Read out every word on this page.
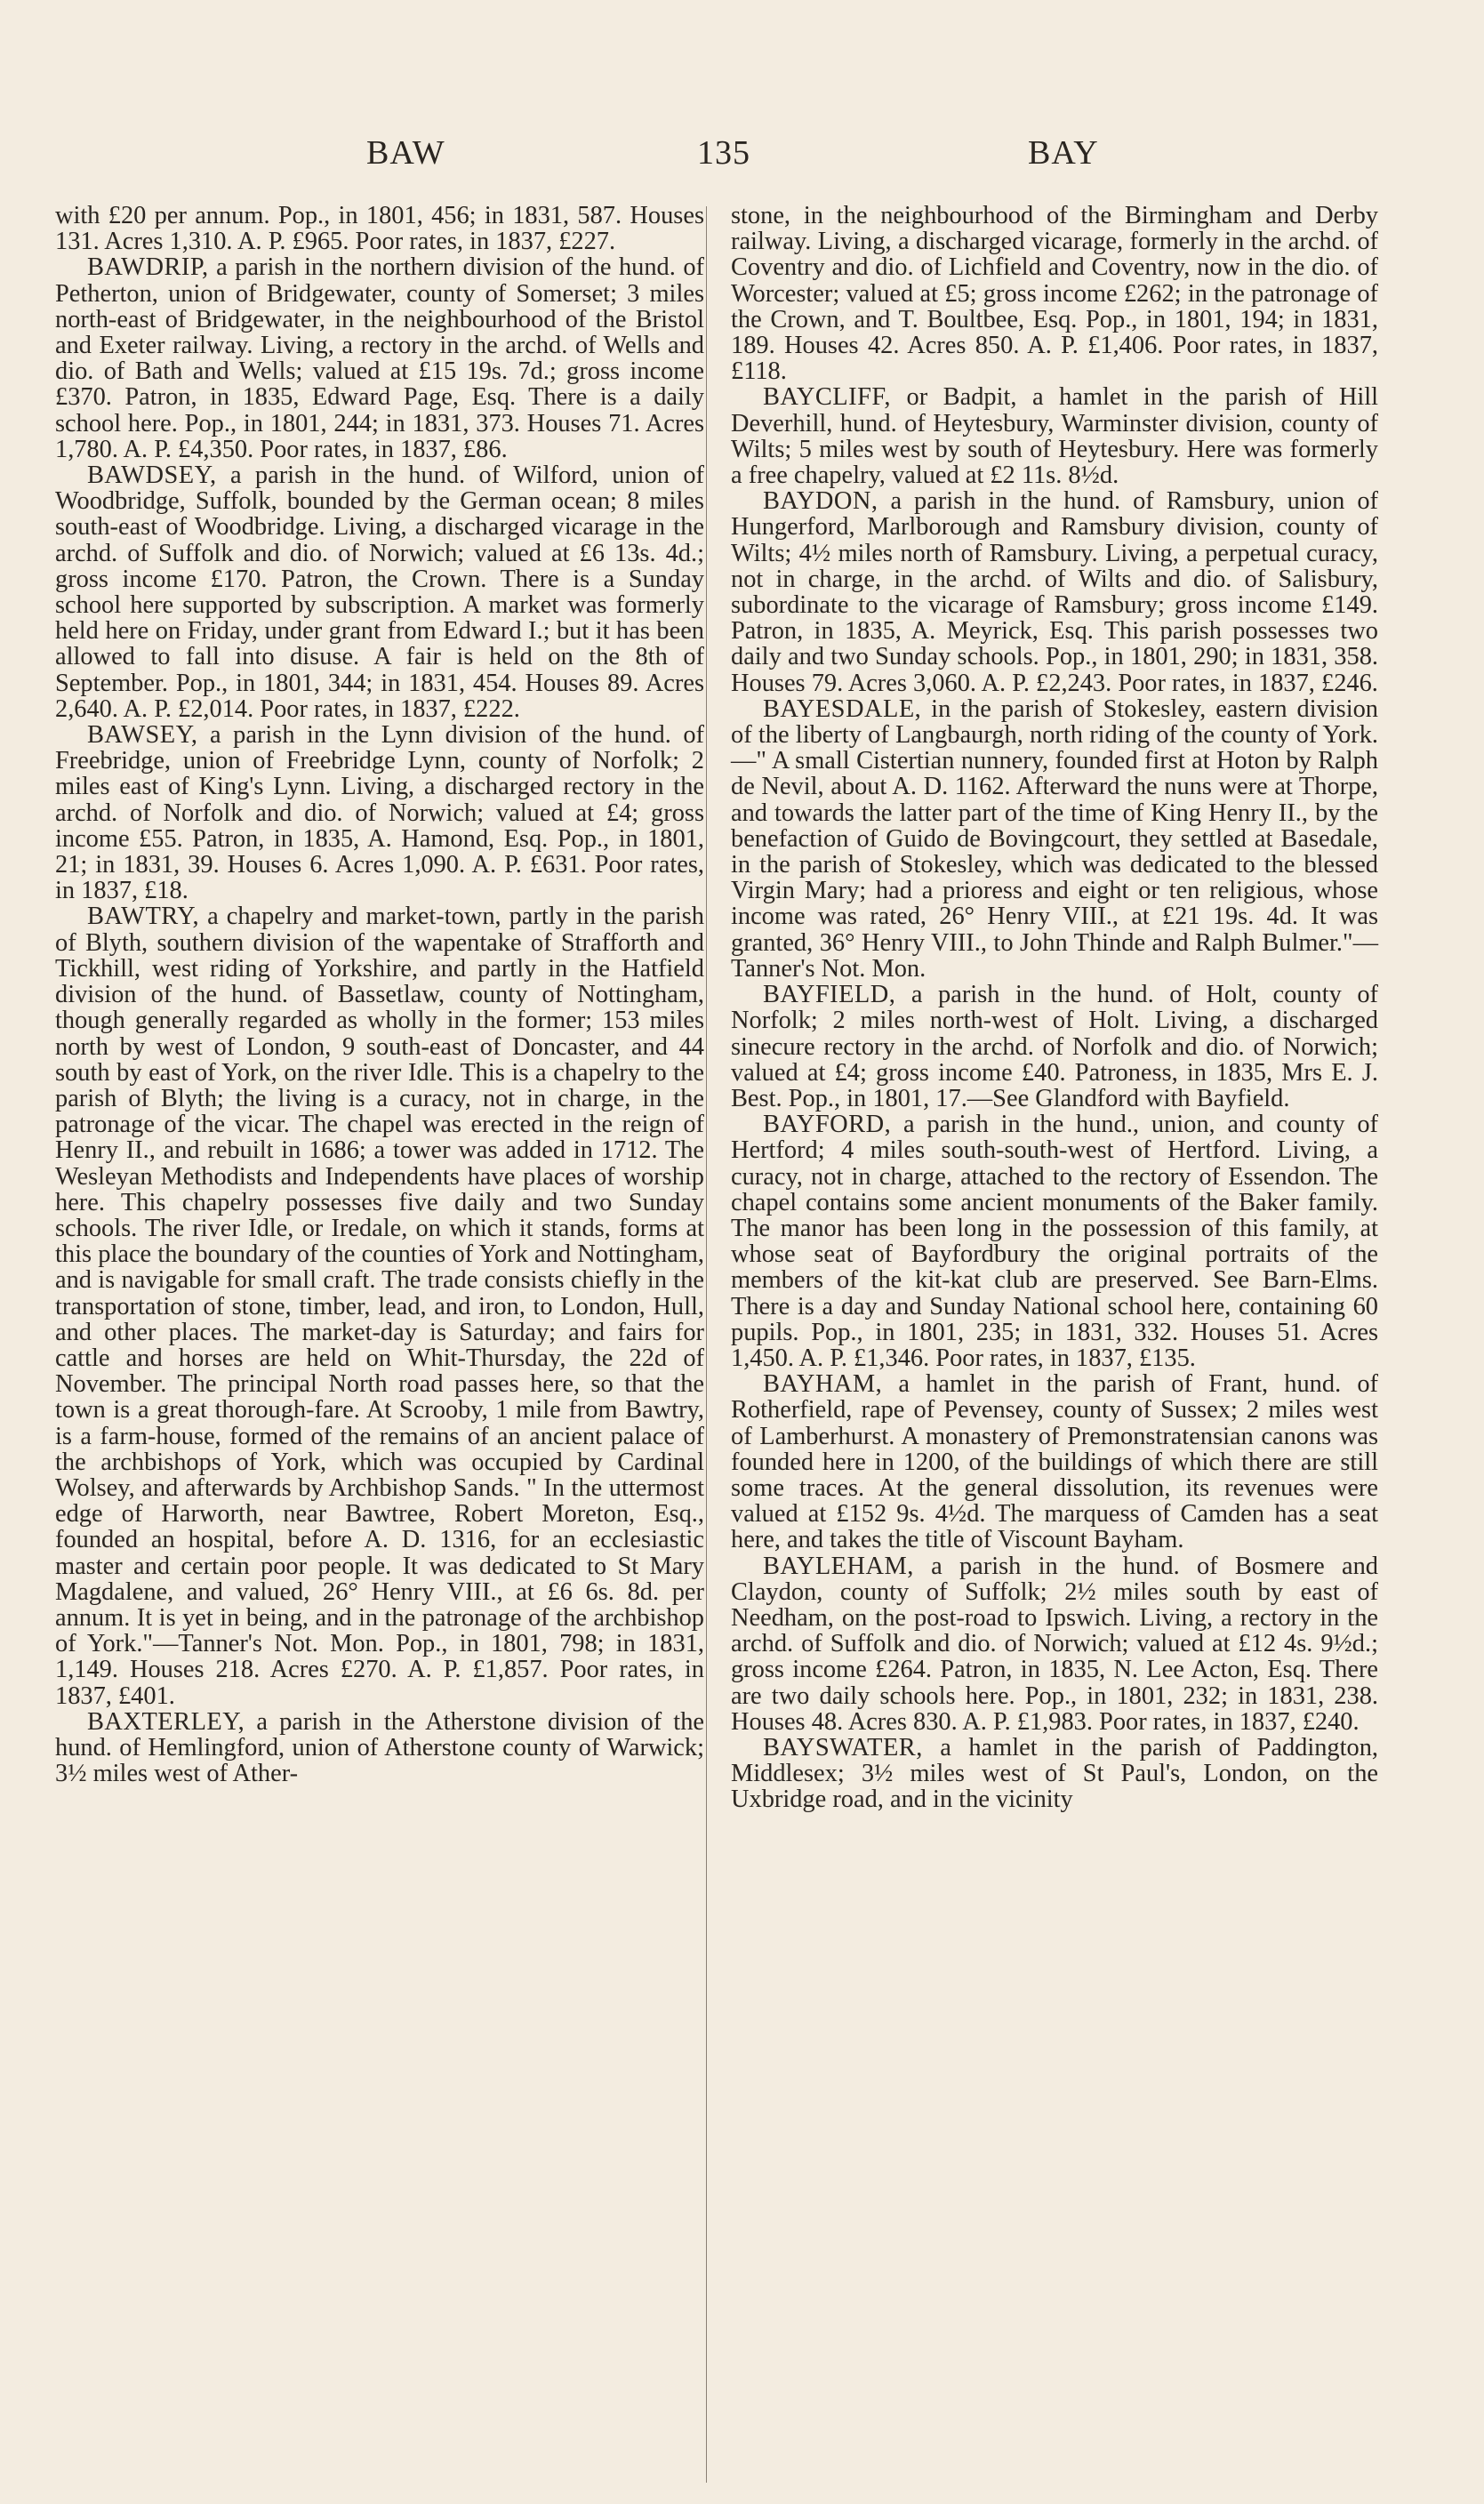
BAW	135	BAY

with £20 per annum. Pop., in 1801, 456; in 1831, 587. Houses 131. Acres 1,310. A. P. £965. Poor rates, in 1837, £227.

BAWDRIP, a parish in the northern division of the hund. of Petherton, union of Bridgewater, county of Somerset; 3 miles north-east of Bridgewater, in the neighbourhood of the Bristol and Exeter railway. Living, a rectory in the archd. of Wells and dio. of Bath and Wells; valued at £15 19s. 7d.; gross income £370. Patron, in 1835, Edward Page, Esq. There is a daily school here. Pop., in 1801, 244; in 1831, 373. Houses 71. Acres 1,780. A. P. £4,350. Poor rates, in 1837, £86.

BAWDSEY, a parish in the hund. of Wilford, union of Woodbridge, Suffolk, bounded by the German ocean; 8 miles south-east of Woodbridge. Living, a discharged vicarage in the archd. of Suffolk and dio. of Norwich; valued at £6 13s. 4d.; gross income £170. Patron, the Crown. There is a Sunday school here supported by subscription. A market was formerly held here on Friday, under grant from Edward I.; but it has been allowed to fall into disuse. A fair is held on the 8th of September. Pop., in 1801, 344; in 1831, 454. Houses 89. Acres 2,640. A. P. £2,014. Poor rates, in 1837, £222.

BAWSEY, a parish in the Lynn division of the hund. of Freebridge, union of Freebridge Lynn, county of Norfolk; 2 miles east of King's Lynn. Living, a discharged rectory in the archd. of Norfolk and dio. of Norwich; valued at £4; gross income £55. Patron, in 1835, A. Hamond, Esq. Pop., in 1801, 21; in 1831, 39. Houses 6. Acres 1,090. A. P. £631. Poor rates, in 1837, £18.

BAWTRY, a chapelry and market-town, partly in the parish of Blyth, southern division of the wapentake of Strafforth and Tickhill, west riding of Yorkshire, and partly in the Hatfield division of the hund. of Bassetlaw, county of Nottingham, though generally regarded as wholly in the former; 153 miles north by west of London, 9 south-east of Doncaster, and 44 south by east of York, on the river Idle. This is a chapelry to the parish of Blyth; the living is a curacy, not in charge, in the patronage of the vicar. The chapel was erected in the reign of Henry II., and rebuilt in 1686; a tower was added in 1712. The Wesleyan Methodists and Independents have places of worship here. This chapelry possesses five daily and two Sunday schools. The river Idle, or Iredale, on which it stands, forms at this place the boundary of the counties of York and Nottingham, and is navigable for small craft. The trade consists chiefly in the transportation of stone, timber, lead, and iron, to London, Hull, and other places. The market-day is Saturday; and fairs for cattle and horses are held on Whit-Thursday, the 22d of November. The principal North road passes here, so that the town is a great thorough-fare. At Scrooby, 1 mile from Bawtry, is a farm-house, formed of the remains of an ancient palace of the archbishops of York, which was occupied by Cardinal Wolsey, and afterwards by Archbishop Sands. " In the uttermost edge of Harworth, near Bawtree, Robert Moreton, Esq., founded an hospital, before A. D. 1316, for an ecclesiastic master and certain poor people. It was dedicated to St Mary Magdalene, and valued, 26° Henry VIII., at £6 6s. 8d. per annum. It is yet in being, and in the patronage of the archbishop of York."—Tanner's Not. Mon. Pop., in 1801, 798; in 1831, 1,149. Houses 218. Acres £270. A. P. £1,857. Poor rates, in 1837, £401.

BAXTERLEY, a parish in the Atherstone division of the hund. of Hemlingford, union of Atherstone county of Warwick; 3½ miles west of Ather-

stone, in the neighbourhood of the Birmingham and Derby railway. Living, a discharged vicarage, formerly in the archd. of Coventry and dio. of Lichfield and Coventry, now in the dio. of Worcester; valued at £5; gross income £262; in the patronage of the Crown, and T. Boultbee, Esq. Pop., in 1801, 194; in 1831, 189. Houses 42. Acres 850. A. P. £1,406. Poor rates, in 1837, £118.

BAYCLIFF, or Badpit, a hamlet in the parish of Hill Deverhill, hund. of Heytesbury, Warminster division, county of Wilts; 5 miles west by south of Heytesbury. Here was formerly a free chapelry, valued at £2 11s. 8½d.

BAYDON, a parish in the hund. of Ramsbury, union of Hungerford, Marlborough and Ramsbury division, county of Wilts; 4½ miles north of Ramsbury. Living, a perpetual curacy, not in charge, in the archd. of Wilts and dio. of Salisbury, subordinate to the vicarage of Ramsbury; gross income £149. Patron, in 1835, A. Meyrick, Esq. This parish possesses two daily and two Sunday schools. Pop., in 1801, 290; in 1831, 358. Houses 79. Acres 3,060. A. P. £2,243. Poor rates, in 1837, £246.

BAYESDALE, in the parish of Stokesley, eastern division of the liberty of Langbaurgh, north riding of the county of York.—" A small Cistertian nunnery, founded first at Hoton by Ralph de Nevil, about A. D. 1162. Afterward the nuns were at Thorpe, and towards the latter part of the time of King Henry II., by the benefaction of Guido de Bovingcourt, they settled at Basedale, in the parish of Stokesley, which was dedicated to the blessed Virgin Mary; had a prioress and eight or ten religious, whose income was rated, 26° Henry VIII., at £21 19s. 4d. It was granted, 36° Henry VIII., to John Thinde and Ralph Bulmer."—Tanner's Not. Mon.

BAYFIELD, a parish in the hund. of Holt, county of Norfolk; 2 miles north-west of Holt. Living, a discharged sinecure rectory in the archd. of Norfolk and dio. of Norwich; valued at £4; gross income £40. Patroness, in 1835, Mrs E. J. Best. Pop., in 1801, 17.—See Glandford with Bayfield.

BAYFORD, a parish in the hund., union, and county of Hertford; 4 miles south-south-west of Hertford. Living, a curacy, not in charge, attached to the rectory of Essendon. The chapel contains some ancient monuments of the Baker family. The manor has been long in the possession of this family, at whose seat of Bayfordbury the original portraits of the members of the kit-kat club are preserved. See Barn-Elms. There is a day and Sunday National school here, containing 60 pupils. Pop., in 1801, 235; in 1831, 332. Houses 51. Acres 1,450. A. P. £1,346. Poor rates, in 1837, £135.

BAYHAM, a hamlet in the parish of Frant, hund. of Rotherfield, rape of Pevensey, county of Sussex; 2 miles west of Lamberhurst. A monastery of Premonstratensian canons was founded here in 1200, of the buildings of which there are still some traces. At the general dissolution, its revenues were valued at £152 9s. 4½d. The marquess of Camden has a seat here, and takes the title of Viscount Bayham.

BAYLEHAM, a parish in the hund. of Bosmere and Claydon, county of Suffolk; 2½ miles south by east of Needham, on the post-road to Ipswich. Living, a rectory in the archd. of Suffolk and dio. of Norwich; valued at £12 4s. 9½d.; gross income £264. Patron, in 1835, N. Lee Acton, Esq. There are two daily schools here. Pop., in 1801, 232; in 1831, 238. Houses 48. Acres 830. A. P. £1,983. Poor rates, in 1837, £240.

BAYSWATER, a hamlet in the parish of Paddington, Middlesex; 3½ miles west of St Paul's, London, on the Uxbridge road, and in the vicinity
